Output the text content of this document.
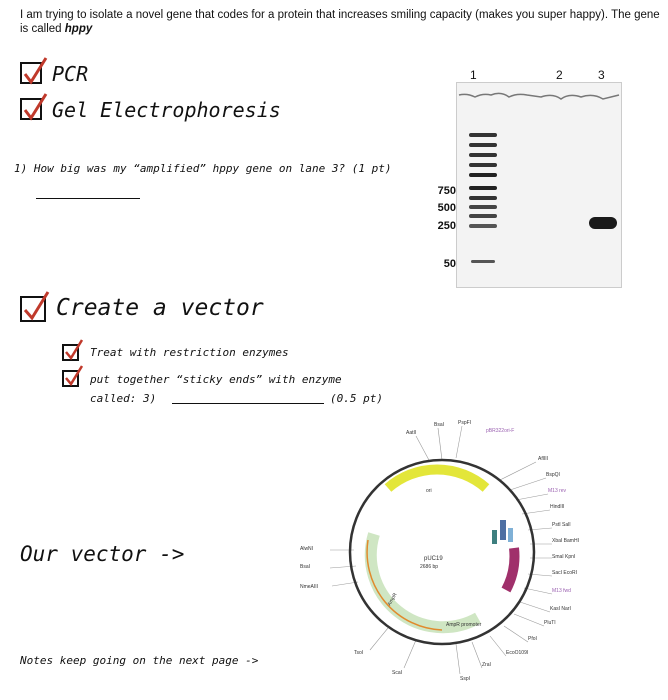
I am trying to isolate a novel gene that codes for a protein that increases smiling capacity (makes you super happy). The gene is called hppy
PCR
Gel Electrophoresis
1) How big was my “amplified” hppy gene on lane 3? (1 pt)
1	2	3
750
500
250
50
Create a vector
Treat with restriction enzymes
put together “sticky ends” with enzyme
called: 3)	(0.5 pt)
Our vector ->
AatII
BsaI	PspFI
pBR322ori-F
AflIII
BspQI
M13 rev
HindIII
PstI SalI
XbaI BamHI
SmaI KpnI
SacI EcoRI
M13 fwd
KasI NarI
PluTI
PfoI
EcoO109I
ZraI
SspI
ScaI
TsoI
AlwNI
BsaI
NmeAIII
pUC19
2686 bp
AmpR promoter
AmpR
ori
Notes keep going on the next page ->
